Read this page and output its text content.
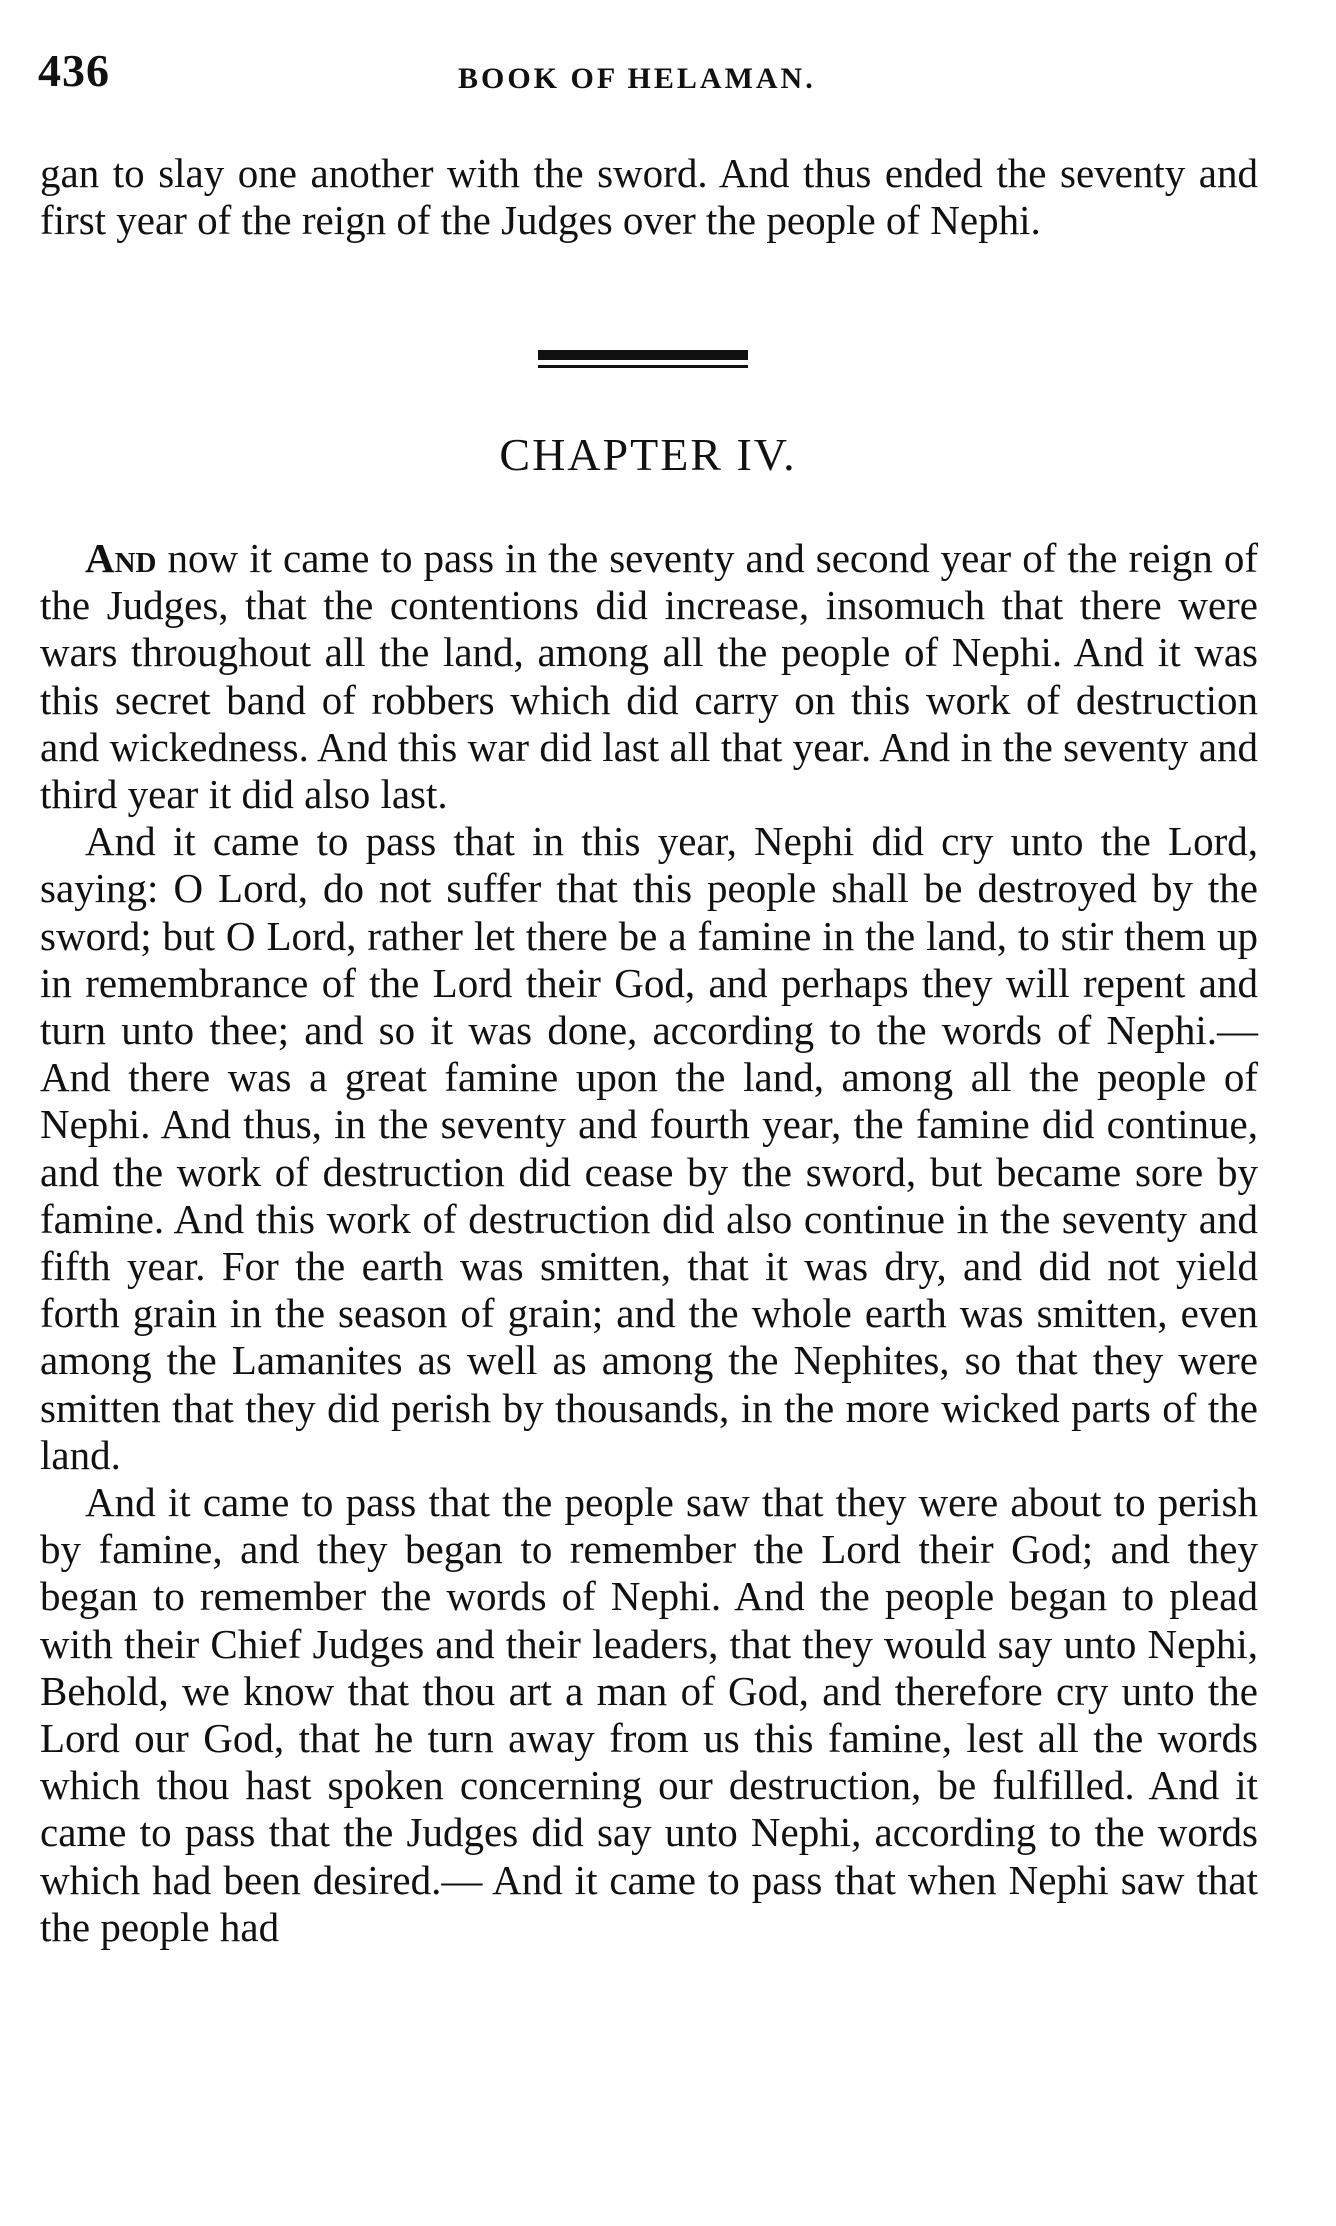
436	BOOK OF HELAMAN.

gan to slay one another with the sword. And thus ended the seventy and first year of the reign of the Judges over the people of Nephi.

CHAPTER IV.

And now it came to pass in the seventy and second year of the reign of the Judges, that the contentions did increase, insomuch that there were wars throughout all the land, among all the people of Nephi. And it was this secret band of robbers which did carry on this work of destruction and wickedness. And this war did last all that year. And in the seventy and third year it did also last.

And it came to pass that in this year, Nephi did cry unto the Lord, saying: O Lord, do not suffer that this people shall be destroyed by the sword; but O Lord, rather let there be a famine in the land, to stir them up in remembrance of the Lord their God, and perhaps they will repent and turn unto thee; and so it was done, according to the words of Nephi.— And there was a great famine upon the land, among all the people of Nephi. And thus, in the seventy and fourth year, the famine did continue, and the work of destruction did cease by the sword, but became sore by famine. And this work of destruction did also continue in the seventy and fifth year. For the earth was smitten, that it was dry, and did not yield forth grain in the season of grain; and the whole earth was smitten, even among the Lamanites as well as among the Nephites, so that they were smitten that they did perish by thousands, in the more wicked parts of the land.

And it came to pass that the people saw that they were about to perish by famine, and they began to remember the Lord their God; and they began to remember the words of Nephi. And the people began to plead with their Chief Judges and their leaders, that they would say unto Nephi, Behold, we know that thou art a man of God, and therefore cry unto the Lord our God, that he turn away from us this famine, lest all the words which thou hast spoken concerning our destruction, be fulfilled. And it came to pass that the Judges did say unto Nephi, according to the words which had been desired.— And it came to pass that when Nephi saw that the people had
